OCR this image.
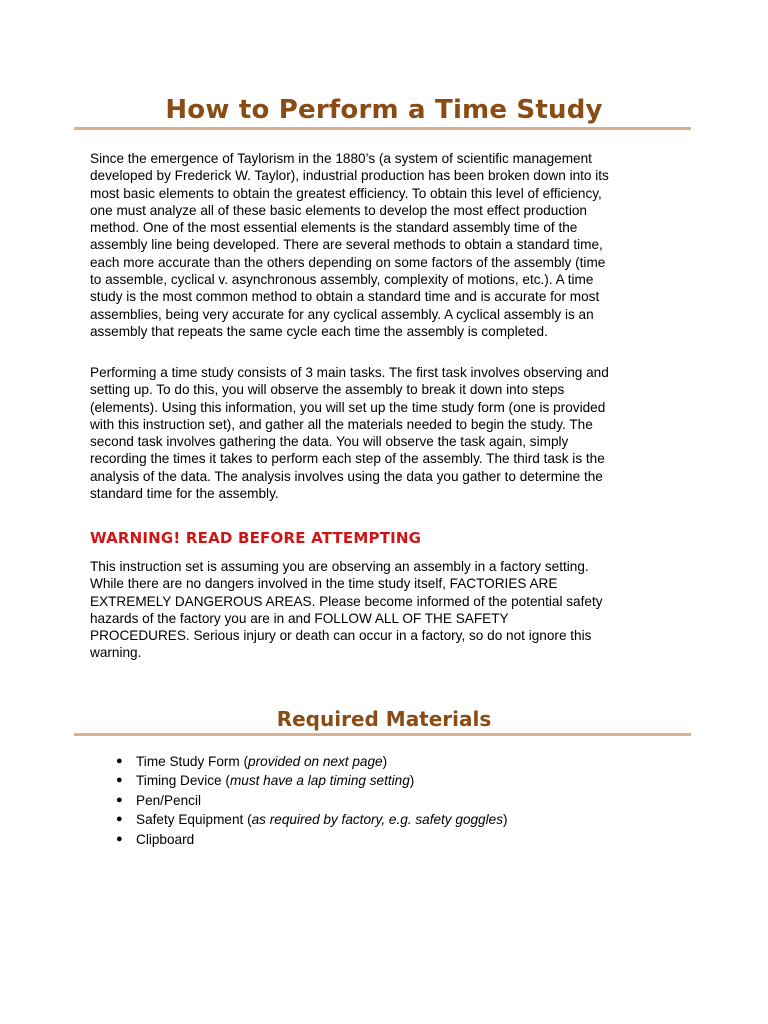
How to Perform a Time Study

Since the emergence of Taylorism in the 1880’s (a system of scientific management
developed by Frederick W. Taylor), industrial production has been broken down into its
most basic elements to obtain the greatest efficiency. To obtain this level of efficiency,
one must analyze all of these basic elements to develop the most effect production
method. One of the most essential elements is the standard assembly time of the
assembly line being developed. There are several methods to obtain a standard time,
each more accurate than the others depending on some factors of the assembly (time
to assemble, cyclical v. asynchronous assembly, complexity of motions, etc.). A time
study is the most common method to obtain a standard time and is accurate for most
assemblies, being very accurate for any cyclical assembly. A cyclical assembly is an
assembly that repeats the same cycle each time the assembly is completed.

Performing a time study consists of 3 main tasks. The first task involves observing and
setting up. To do this, you will observe the assembly to break it down into steps
(elements). Using this information, you will set up the time study form (one is provided
with this instruction set), and gather all the materials needed to begin the study. The
second task involves gathering the data. You will observe the task again, simply
recording the times it takes to perform each step of the assembly. The third task is the
analysis of the data. The analysis involves using the data you gather to determine the
standard time for the assembly.

WARNING! READ BEFORE ATTEMPTING

This instruction set is assuming you are observing an assembly in a factory setting.
While there are no dangers involved in the time study itself, FACTORIES ARE
EXTREMELY DANGEROUS AREAS. Please become informed of the potential safety
hazards of the factory you are in and FOLLOW ALL OF THE SAFETY
PROCEDURES. Serious injury or death can occur in a factory, so do not ignore this
warning.

Required Materials
● Time Study Form (provided on next page)
● Timing Device (must have a lap timing setting)
● Pen/Pencil
● Safety Equipment (as required by factory, e.g. safety goggles)
● Clipboard
